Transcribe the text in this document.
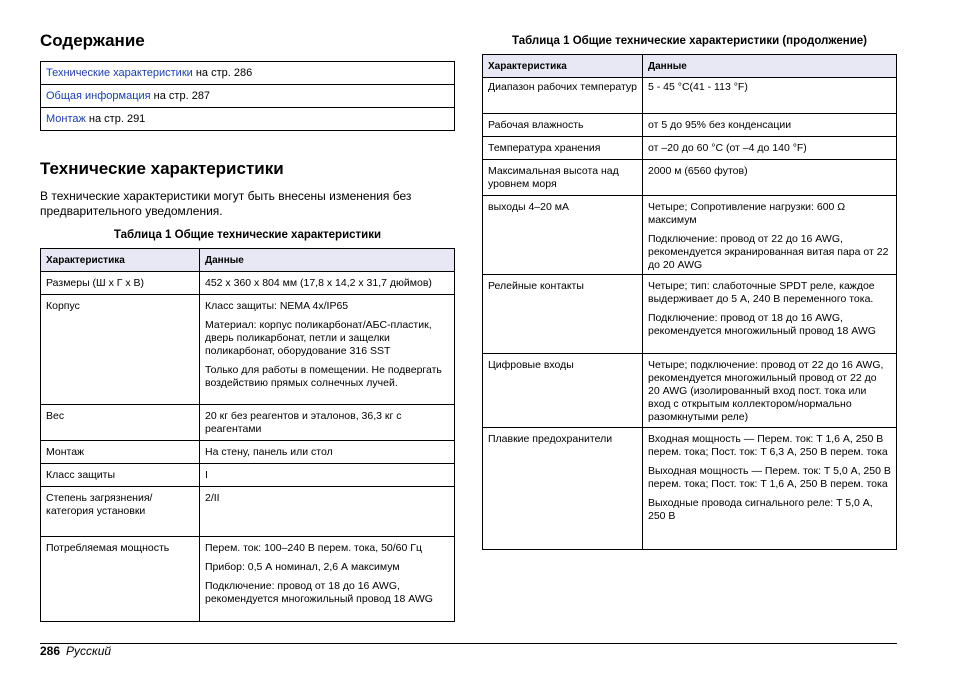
Содержание
Технические характеристики на стр. 286
Общая информация на стр. 287
Монтаж на стр. 291
Технические характеристики
В технические характеристики могут быть внесены изменения без предварительного уведомления.
Таблица 1 Общие технические характеристики
Характеристика	Данные
Размеры (Ш x Г x В)	452 x 360 x 804 мм (17,8 x 14,2 x 31,7 дюймов)
Корпус	Класс защиты: NEMA 4x/IP65
Материал: корпус поликарбонат/АБС-пластик, дверь поликарбонат, петли и защелки поликарбонат, оборудование 316 SST
Только для работы в помещении. Не подвергать воздействию прямых солнечных лучей.

Вес	20 кг без реагентов и эталонов, 36,3 кг с реагентами
Монтаж	На стену, панель или стол
Класс защиты	I
Степень загрязнения/категория установки	2/II
Потребляемая мощность	Перем. ток: 100–240 В перем. тока, 50/60 Гц
Прибор: 0,5 А номинал, 2,6 А максимум
Подключение: провод от 18 до 16 AWG, рекомендуется многожильный провод 18 AWG
Таблица 1 Общие технические характеристики (продолжение)
Характеристика	Данные
Диапазон рабочих температур	5 - 45 °C(41 - 113 °F)
Рабочая влажность	от 5 до 95% без конденсации
Температура хранения	от –20 до 60 °C (от –4 до 140 °F)
Максимальная высота над уровнем моря	2000 м (6560 футов)
выходы 4–20 мА	Четыре; Сопротивление нагрузки: 600 Ω максимум
Подключение: провод от 22 до 16 AWG, рекомендуется экранированная витая пара от 22 до 20 AWG

Релейные контакты	Четыре; тип: слаботочные SPDT реле, каждое выдерживает до 5 А, 240 В переменного тока.
Подключение: провод от 18 до 16 AWG, рекомендуется многожильный провод 18 AWG

Цифровые входы	Четыре; подключение: провод от 22 до 16 AWG, рекомендуется многожильный провод от 22 до 20 AWG (изолированный вход пост. тока или вход с открытым коллектором/нормально разомкнутыми реле)
Плавкие предохранители	Входная мощность — Перем. ток: T 1,6 А, 250 В перем. тока; Пост. ток: T 6,3 А, 250 В перем. тока
Выходная мощность — Перем. ток: T 5,0 А, 250 В перем. тока; Пост. ток: T 1,6 А, 250 В перем. тока
Выходные провода сигнального реле: T 5,0 А, 250 В
286 Русский
